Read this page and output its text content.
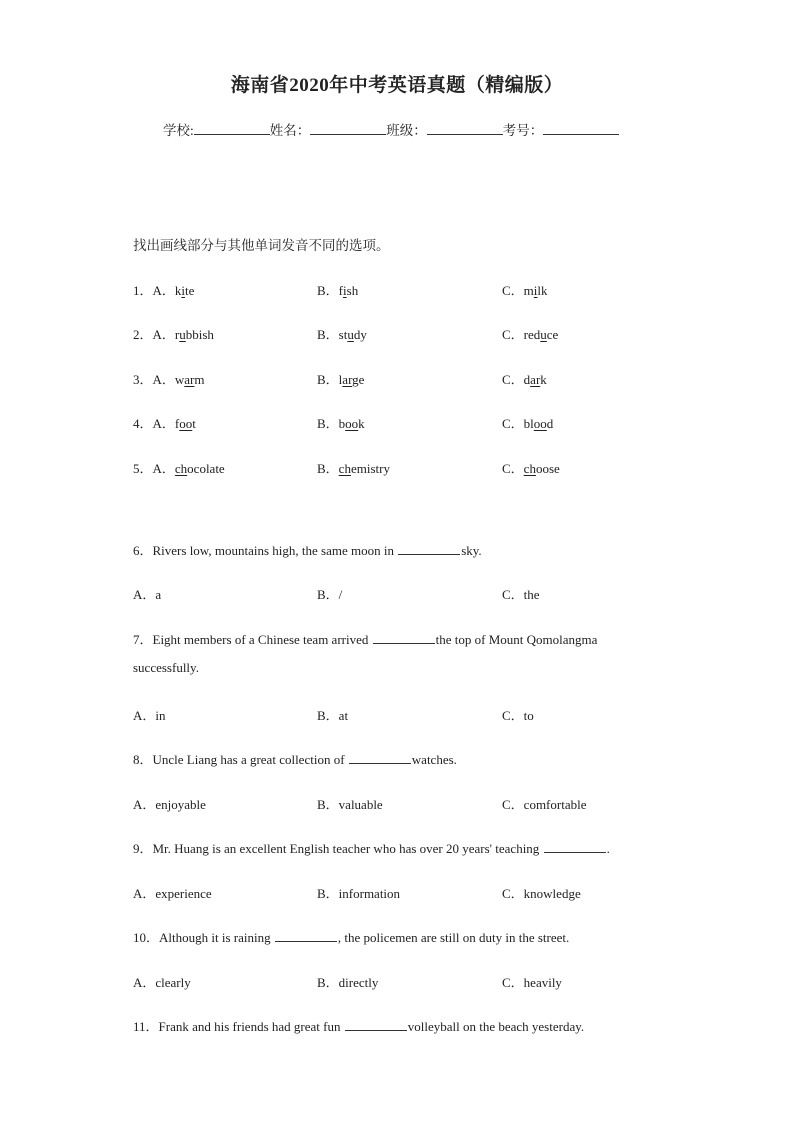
海南省2020年中考英语真题（精编版）
学校:	姓名：	班级：	考号：
找出画线部分与其他单词发音不同的选项。
1．A．kite	B．fish	C．milk
2．A．rubbish	B．study	C．reduce
3．A．warm	B．large	C．dark
4．A．foot	B．book	C．blood
5．A．chocolate	B．chemistry	C．choose
6．Rivers low, mountains high, the same moon in	sky.
A．a	B．/	C．the
7．Eight members of a Chinese team arrived	the top of Mount Qomolangma
successfully.
A．in	B．at	C．to
8．Uncle Liang has a great collection of	watches.
A．enjoyable	B．valuable	C．comfortable
9．Mr. Huang is an excellent English teacher who has over 20 years' teaching	.
A．experience	B．information	C．knowledge
10．Although it is raining	, the policemen are still on duty in the street.
A．clearly	B．directly	C．heavily
11．Frank and his friends had great fun	volleyball on the beach yesterday.
